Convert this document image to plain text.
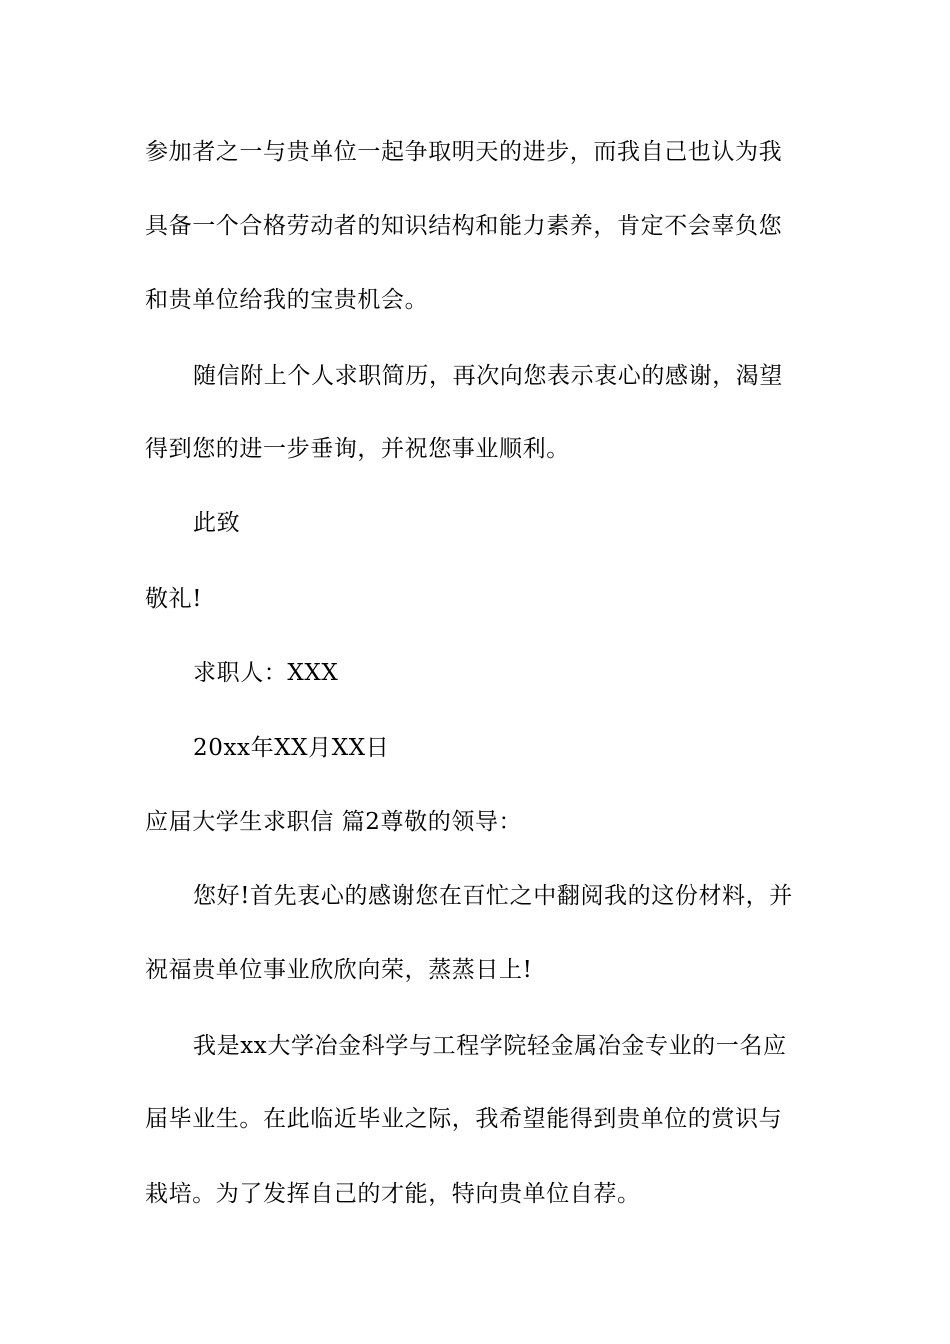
参加者之一与贵单位一起争取明天的进步，而我自己也认为我
具备一个合格劳动者的知识结构和能力素养，肯定不会辜负您
和贵单位给我的宝贵机会。
随信附上个人求职简历，再次向您表示衷心的感谢，渴望
得到您的进一步垂询，并祝您事业顺利。
此致
敬礼!
求职人：XXX
20xx年XX月XX日
应届大学生求职信 篇2尊敬的领导：
您好!首先衷心的感谢您在百忙之中翻阅我的这份材料，并
祝福贵单位事业欣欣向荣，蒸蒸日上!
我是xx大学冶金科学与工程学院轻金属冶金专业的一名应
届毕业生。在此临近毕业之际，我希望能得到贵单位的赏识与
栽培。为了发挥自己的才能，特向贵单位自荐。
